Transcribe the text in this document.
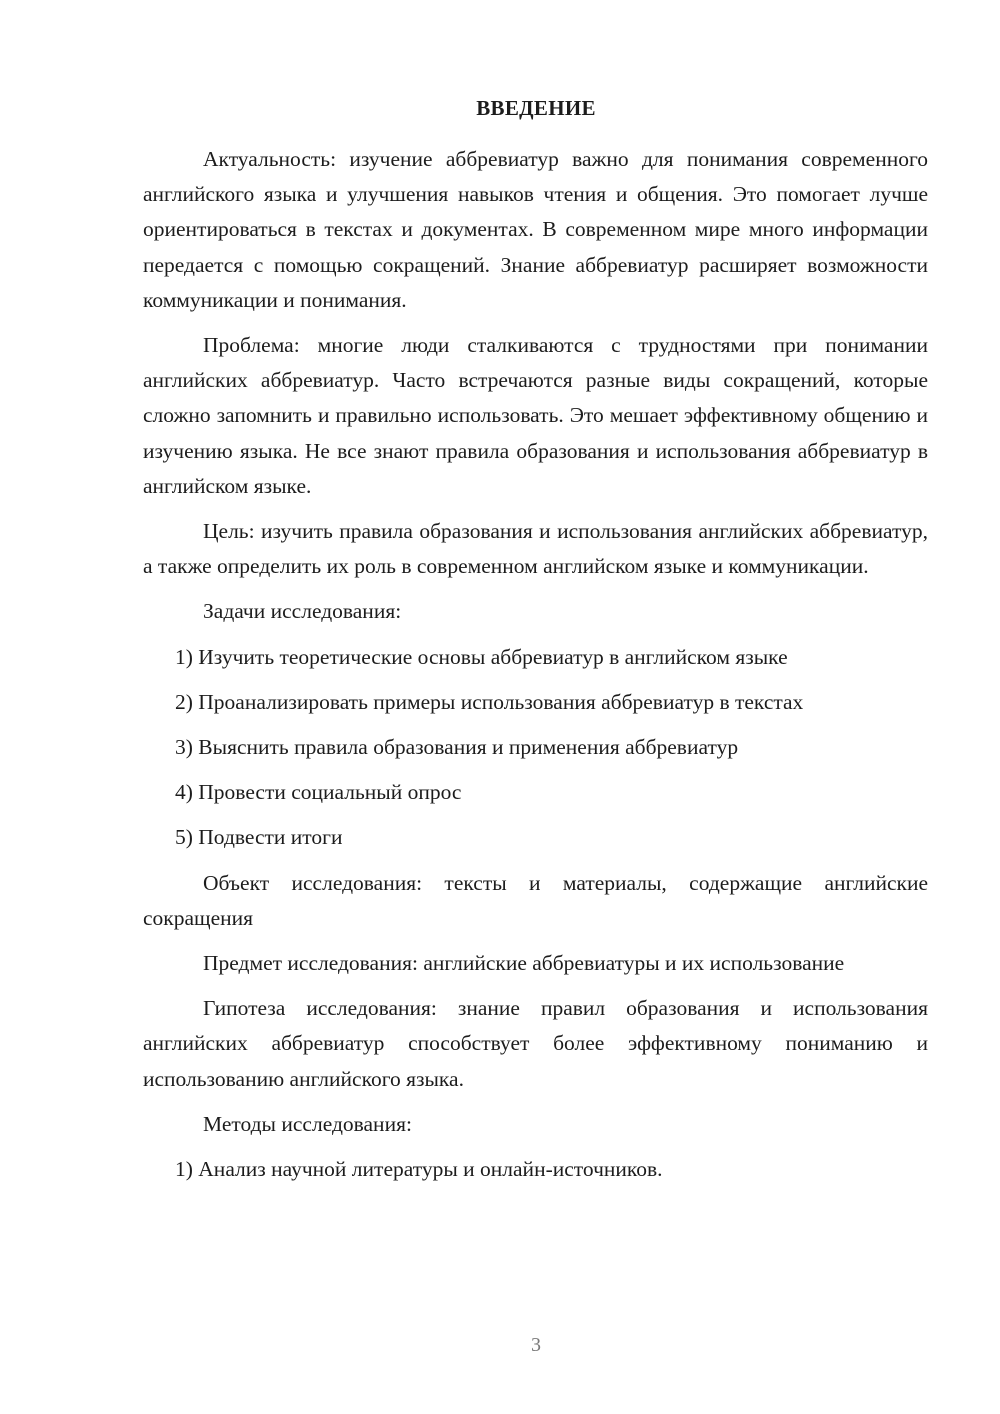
ВВЕДЕНИЕ

Актуальность: изучение аббревиатур важно для понимания современного английского языка и улучшения навыков чтения и общения. Это помогает лучше ориентироваться в текстах и документах. В современном мире много информации передается с помощью сокращений. Знание аббревиатур расширяет возможности коммуникации и понимания.

Проблема: многие люди сталкиваются с трудностями при понимании английских аббревиатур. Часто встречаются разные виды сокращений, которые сложно запомнить и правильно использовать. Это мешает эффективному общению и изучению языка. Не все знают правила образования и использования аббревиатур в английском языке.

Цель: изучить правила образования и использования английских аббревиатур, а также определить их роль в современном английском языке и коммуникации.

Задачи исследования:

1) Изучить теоретические основы аббревиатур в английском языке

2) Проанализировать примеры использования аббревиатур в текстах

3) Выяснить правила образования и применения аббревиатур

4) Провести социальный опрос

5) Подвести итоги

Объект исследования: тексты и материалы, содержащие английские сокращения

Предмет исследования: английские аббревиатуры и их использование

Гипотеза исследования: знание правил образования и использования английских аббревиатур способствует более эффективному пониманию и использованию английского языка.

Методы исследования:

1) Анализ научной литературы и онлайн-источников.

3
